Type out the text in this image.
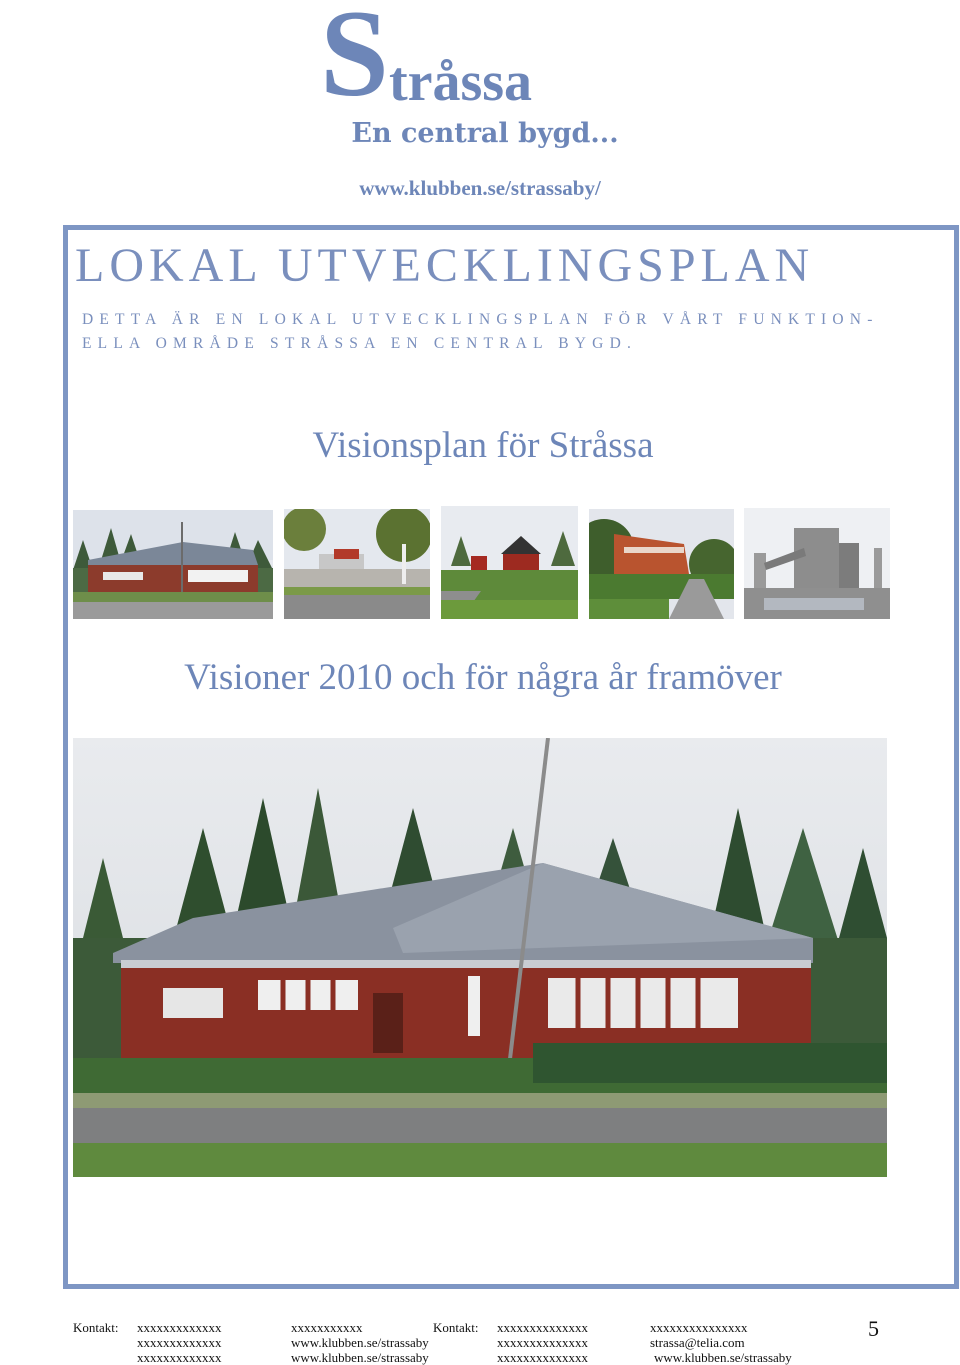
Stråssa
En central bygd...
www.klubben.se/strassaby/
LOKAL UTVECKLINGSPLAN
DETTA ÄR EN LOKAL UTVECKLINGSPLAN FÖR VÅRT FUNKTION-
ELLA OMRÅDE STRÅSSA EN CENTRAL BYGD.
Visionsplan för Stråssa
Visioner 2010 och för några år framöver
Kontakt: xxxxxxxxxxxxx
xxxxxxxxxxxxx
xxxxxxxxxxxxx
xxxxxxxxxxx
www.klubben.se/strassaby
www.klubben.se/strassaby
Kontakt: xxxxxxxxxxxxxx
xxxxxxxxxxxxxx
xxxxxxxxxxxxxx
xxxxxxxxxxxxxxx
strassa@telia.com
www.klubben.se/strassaby
5
